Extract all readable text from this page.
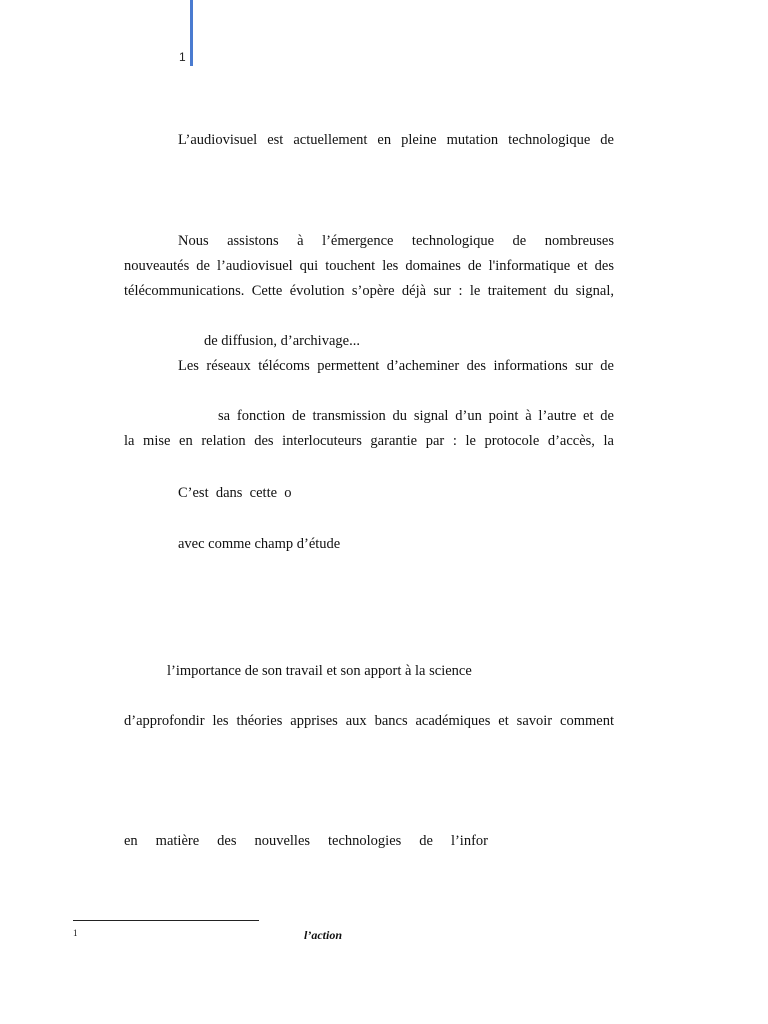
1
L’audiovisuel est actuellement en pleine mutation technologique de
Nous assistons à l’émergence technologique de nombreuses
nouveautés de l’audiovisuel qui touchent les domaines de l'informatique et des
télécommunications. Cette évolution s’opère déjà sur : le traitement du signal,
de diffusion, d’archivage...
Les réseaux télécoms permettent d’acheminer des informations sur de
sa fonction de transmission du signal d’un point à l’autre et de
la mise en relation des interlocuteurs garantie par : le protocole d’accès, la
C’est  dans  cette  o
avec comme champ d’étude
l’importance de son travail et son apport à la science
d’approfondir les théories apprises aux bancs académiques et savoir comment
en matière des nouvelles technologies de l’infor
1	l’action
